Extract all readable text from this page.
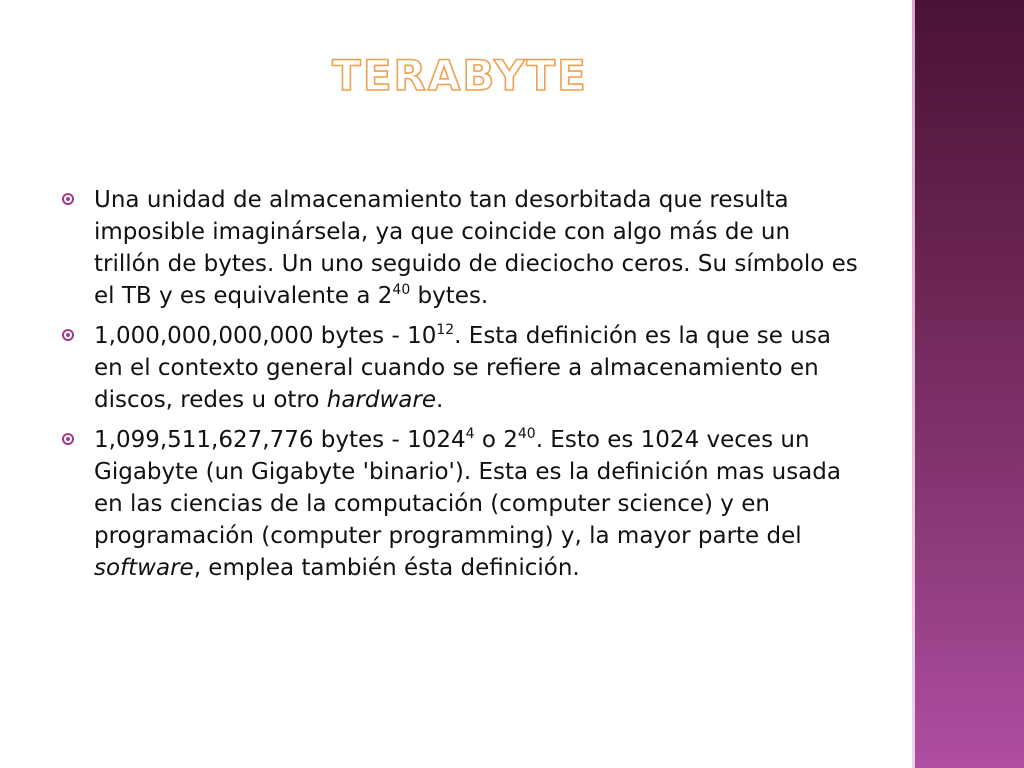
TERABYTE

Una unidad de almacenamiento tan desorbitada que resulta imposible imaginársela, ya que coincide con algo más de un trillón de bytes. Un uno seguido de dieciocho ceros. Su símbolo es el TB y es equivalente a $2^{40}$ bytes.

1,000,000,000,000 bytes - $10^{12}$. Esta definición es la que se usa en el contexto general cuando se refiere a almacenamiento en discos, redes u otro hardware.

1,099,511,627,776 bytes - 1024$^4$ o $2^{40}$. Esto es 1024 veces un Gigabyte (un Gigabyte 'binario'). Esta es la definición mas usada en las ciencias de la computación (computer science) y en programación (computer programming) y, la mayor parte del software, emplea también ésta definición.
